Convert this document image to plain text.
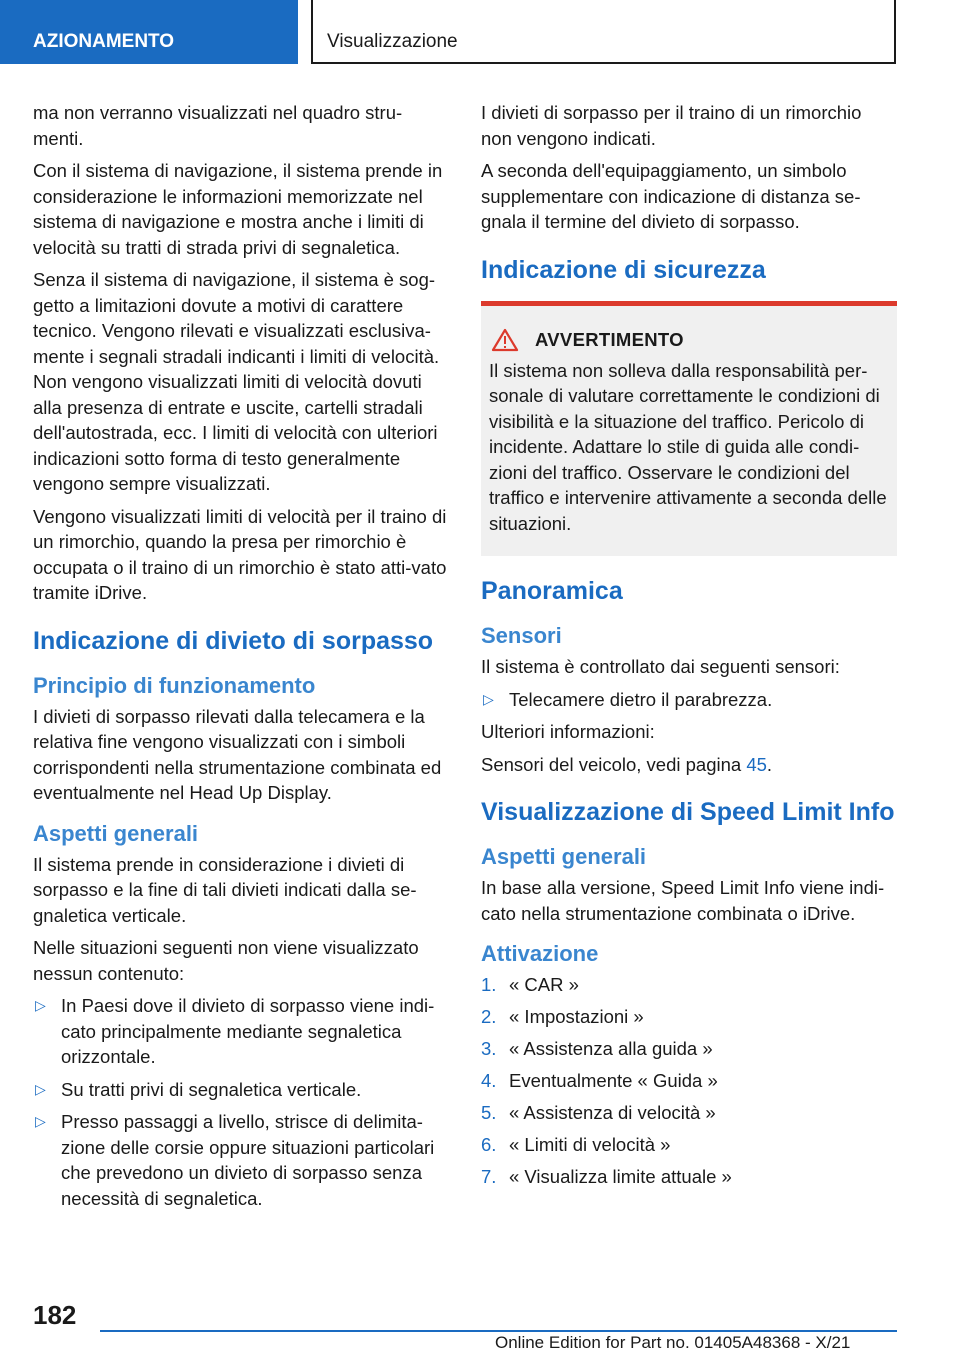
AZIONAMENTO	Visualizzazione

ma non verranno visualizzati nel quadro stru-menti.

Con il sistema di navigazione, il sistema prende in considerazione le informazioni memorizzate nel sistema di navigazione e mostra anche i limiti di velocità su tratti di strada privi di segnaletica.

Senza il sistema di navigazione, il sistema è sog-getto a limitazioni dovute a motivi di carattere tecnico. Vengono rilevati e visualizzati esclusiva-mente i segnali stradali indicanti i limiti di velocità. Non vengono visualizzati limiti di velocità dovuti alla presenza di entrate e uscite, cartelli stradali dell'autostrada, ecc. I limiti di velocità con ulteriori indicazioni sotto forma di testo generalmente vengono sempre visualizzati.

Vengono visualizzati limiti di velocità per il traino di un rimorchio, quando la presa per rimorchio è occupata o il traino di un rimorchio è stato atti-vato tramite iDrive.

Indicazione di divieto di sorpasso
Principio di funzionamento

I divieti di sorpasso rilevati dalla telecamera e la relativa fine vengono visualizzati con i simboli corrispondenti nella strumentazione combinata ed eventualmente nel Head Up Display.

Aspetti generali

Il sistema prende in considerazione i divieti di sorpasso e la fine di tali divieti indicati dalla se-gnaletica verticale.

Nelle situazioni seguenti non viene visualizzato nessun contenuto:

▷ In Paesi dove il divieto di sorpasso viene indi-cato principalmente mediante segnaletica orizzontale.
▷ Su tratti privi di segnaletica verticale.
▷ Presso passaggi a livello, strisce di delimita-zione delle corsie oppure situazioni particolari che prevedono un divieto di sorpasso senza necessità di segnaletica.

I divieti di sorpasso per il traino di un rimorchio non vengono indicati.

A seconda dell'equipaggiamento, un simbolo supplementare con indicazione di distanza se-gnala il termine del divieto di sorpasso.

Indicazione di sicurezza
AVVERTIMENTO

Il sistema non solleva dalla responsabilità per-sonale di valutare correttamente le condizioni di visibilità e la situazione del traffico. Pericolo di incidente. Adattare lo stile di guida alle condi-zioni del traffico. Osservare le condizioni del traffico e intervenire attivamente a seconda delle situazioni.

Panoramica
Sensori

Il sistema è controllato dai seguenti sensori:

▷ Telecamere dietro il parabrezza.

Ulteriori informazioni:

Sensori del veicolo, vedi pagina 45.

Visualizzazione di Speed Limit Info
Aspetti generali

In base alla versione, Speed Limit Info viene indi-cato nella strumentazione combinata o iDrive.

Attivazione
1. « CAR »
2. « Impostazioni »
3. « Assistenza alla guida »
4. Eventualmente « Guida »
5. « Assistenza di velocità »
6. « Limiti di velocità »
7. « Visualizza limite attuale »
182
Online Edition for Part no. 01405A48368 - X/21
